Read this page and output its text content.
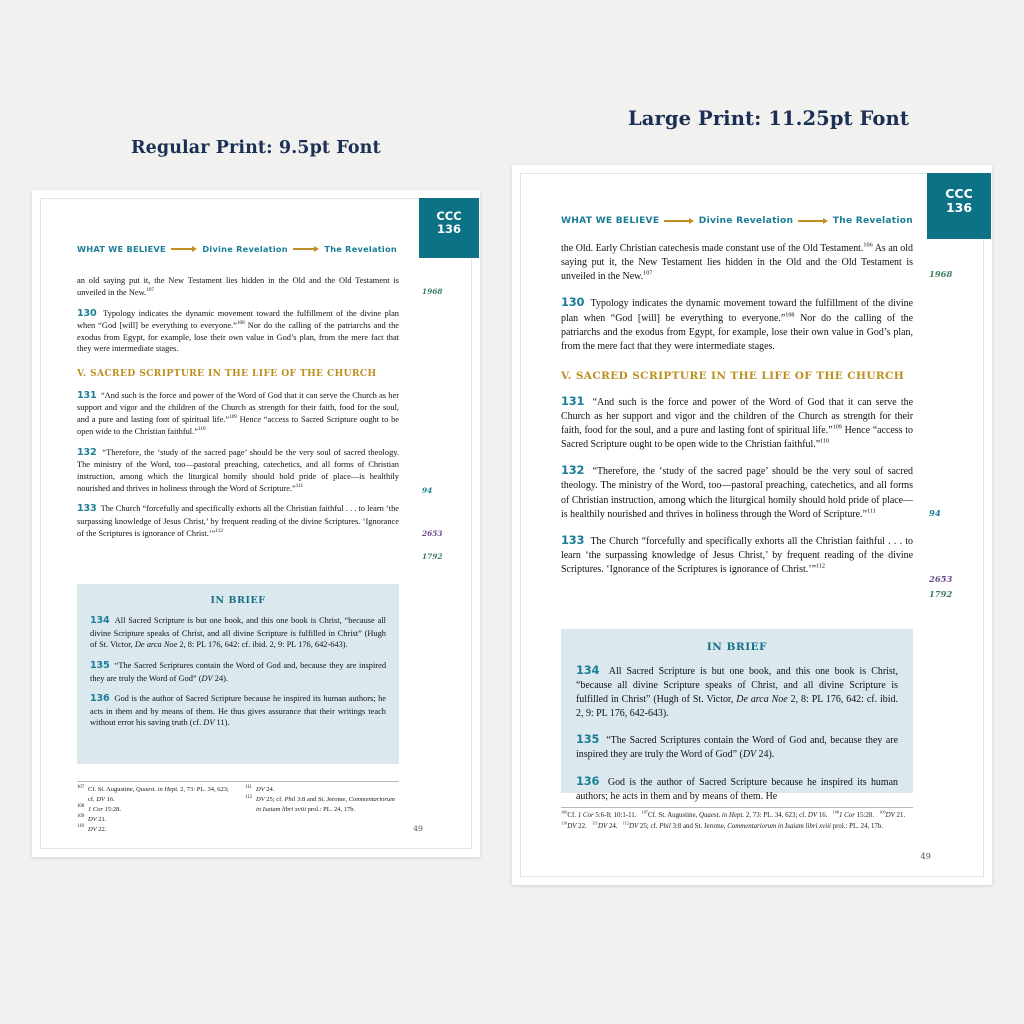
Regular Print: 9.5pt Font
Large Print: 11.25pt Font
CCC
136
WHAT WE BELIEVE	Divine Revelation	The Revelation

an old saying put it, the New Testament lies hidden in the Old and the Old Testament is unveiled in the New.$^{107}$

130 Typology indicates the dynamic movement toward the fulfillment of the divine plan when “God [will] be everything to everyone.”$^{108}$ Nor do the calling of the patriarchs and the exodus from Egypt, for example, lose their own value in God’s plan, from the mere fact that they were intermediate stages.

V. SACRED SCRIPTURE IN THE LIFE OF THE CHURCH

131 “And such is the force and power of the Word of God that it can serve the Church as her support and vigor and the children of the Church as strength for their faith, food for the soul, and a pure and lasting font of spiritual life.”$^{109}$ Hence “access to Sacred Scripture ought to be open wide to the Christian faithful.”$^{110}$

132 “Therefore, the ‘study of the sacred page’ should be the very soul of sacred theology. The ministry of the Word, too—pastoral preaching, catechetics, and all forms of Christian instruction, among which the liturgical homily should hold pride of place—is healthily nourished and thrives in holiness through the Word of Scripture.”$^{111}$

133 The Church “forcefully and specifically exhorts all the Christian faithful . . . to learn ‘the surpassing knowledge of Jesus Christ,’ by frequent reading of the divine Scriptures. ‘Ignorance of the Scriptures is ignorance of Christ.’”$^{112}$

1968
94
2653
1792
IN BRIEF

134 All Sacred Scripture is but one book, and this one book is Christ, “because all divine Scripture speaks of Christ, and all divine Scripture is fulfilled in Christ” (Hugh of St. Victor, De arca Noe 2, 8: PL 176, 642: cf. ibid. 2, 9: PL 176, 642-643).

135 “The Sacred Scriptures contain the Word of God and, because they are inspired they are truly the Word of God” (DV 24).

136 God is the author of Sacred Scripture because he inspired its human authors; he acts in them and by means of them. He thus gives assurance that their writings teach without error his saving truth (cf. DV 11).

107 Cf. St. Augustine, Quaest. in Hept. 2, 73: PL. 34, 623; cf. DV 16.
108 1 Cor 15:28.
109 DV 21.
110 DV 22.
111 DV 24.
112 DV 25; cf. Phil 3:8 and St. Jerome, Commentariorum in Isaiam libri xviii prol.: PL. 24, 17b.
49
CCC
136
WHAT WE BELIEVE	Divine Revelation	The Revelation

the Old. Early Christian catechesis made constant use of the Old Testament.$^{106}$ As an old saying put it, the New Testament lies hidden in the Old and the Old Testament is unveiled in the New.$^{107}$

130 Typology indicates the dynamic movement toward the fulfillment of the divine plan when “God [will] be everything to everyone.”$^{108}$ Nor do the calling of the patriarchs and the exodus from Egypt, for example, lose their own value in God’s plan, from the mere fact that they were intermediate stages.

V. SACRED SCRIPTURE IN THE LIFE OF THE CHURCH

131 “And such is the force and power of the Word of God that it can serve the Church as her support and vigor and the children of the Church as strength for their faith, food for the soul, and a pure and lasting font of spiritual life.”$^{109}$ Hence “access to Sacred Scripture ought to be open wide to the Christian faithful.”$^{110}$

132 “Therefore, the ‘study of the sacred page’ should be the very soul of sacred theology. The ministry of the Word, too—pastoral preaching, catechetics, and all forms of Christian instruction, among which the liturgical homily should hold pride of place—is healthily nourished and thrives in holiness through the Word of Scripture.”$^{111}$

133 The Church “forcefully and specifically exhorts all the Christian faithful . . . to learn ‘the surpassing knowledge of Jesus Christ,’ by frequent reading of the divine Scriptures. ‘Ignorance of the Scriptures is ignorance of Christ.’”$^{112}$

1968
94
2653
1792
IN BRIEF

134 All Sacred Scripture is but one book, and this one book is Christ, “because all divine Scripture speaks of Christ, and all divine Scripture is fulfilled in Christ” (Hugh of St. Victor, De arca Noe 2, 8: PL 176, 642: cf. ibid. 2, 9: PL 176, 642-643).

135 “The Sacred Scriptures contain the Word of God and, because they are inspired they are truly the Word of God” (DV 24).

136 God is the author of Sacred Scripture because he inspired its human authors; he acts in them and by means of them. He

$^{106}$Cf. 1 Cor 5:6-8; 10:1-11. $^{107}$Cf. St. Augustine, Quaest. in Hept. 2, 73: PL. 34, 623; cf. DV 16. $^{108}$1 Cor 15:28. $^{109}$DV 21.   $^{110}$DV 22. $^{111}$DV 24. $^{112}$DV 25; cf. Phil 3:8 and St. Jerome, Commentariorum in Isaiam libri xviii prol.: PL. 24, 17b.
49
